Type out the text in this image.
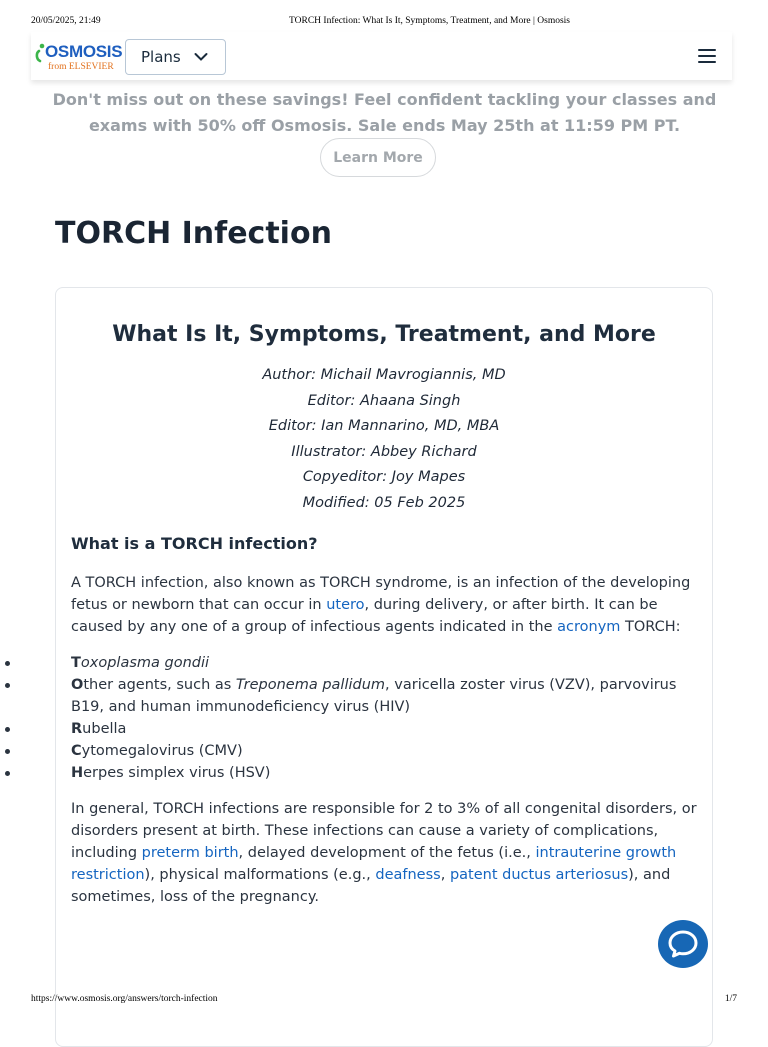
20/05/2025, 21:49	TORCH Infection: What Is It, Symptoms, Treatment, and More | Osmosis
OSMOSIS
from ELSEVIER
Plans
Don't miss out on these savings! Feel confident tackling your classes and exams with 50% off Osmosis. Sale ends May 25th at 11:59 PM PT.
Learn More
TORCH Infection
What Is It, Symptoms, Treatment, and More
Author: Michail Mavrogiannis, MD
Editor: Ahaana Singh
Editor: Ian Mannarino, MD, MBA
Illustrator: Abbey Richard
Copyeditor: Joy Mapes
Modified: 05 Feb 2025
What is a TORCH infection?

A TORCH infection, also known as TORCH syndrome, is an infection of the developing fetus or newborn that can occur in utero, during delivery, or after birth. It can be caused by any one of a group of infectious agents indicated in the acronym TORCH:

Toxoplasma gondii
Other agents, such as Treponema pallidum, varicella zoster virus (VZV), parvovirus B19, and human immunodeficiency virus (HIV)
Rubella
Cytomegalovirus (CMV)
Herpes simplex virus (HSV)

In general, TORCH infections are responsible for 2 to 3% of all congenital disorders, or disorders present at birth. These infections can cause a variety of complications, including preterm birth, delayed development of the fetus (i.e., intrauterine growth restriction), physical malformations (e.g., deafness, patent ductus arteriosus), and sometimes, loss of the pregnancy.

https://www.osmosis.org/answers/torch-infection	1/7
